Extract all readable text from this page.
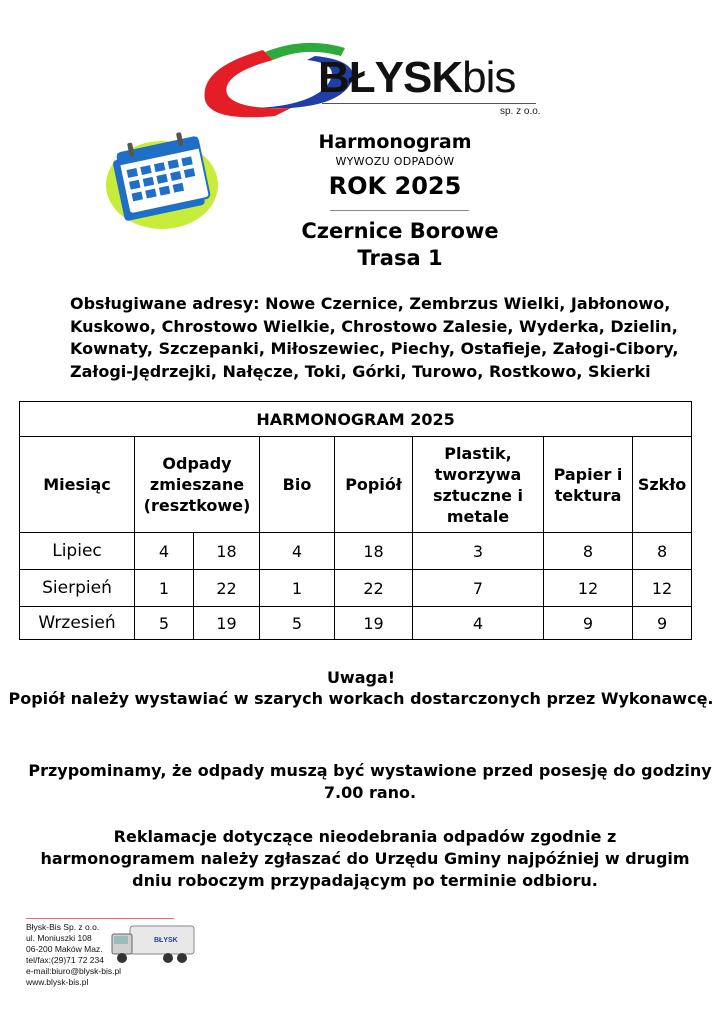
BŁYSKbis
sp. z o.o.
Harmonogram
WYWOZU ODPADÓW
ROK 2025
Czernice Borowe
Trasa 1
Obsługiwane adresy: Nowe Czernice, Zembrzus Wielki, Jabłonowo, Kuskowo, Chrostowo Wielkie, Chrostowo Zalesie, Wyderka, Dzielin, Kownaty, Szczepanki, Miłoszewiec, Piechy, Ostafieje, Załogi-Cibory, Załogi-Jędrzejki, Nałęcze, Toki, Górki, Turowo, Rostkowo, Skierki
HARMONOGRAM 2025							
Miesiąc	Odpady zmieszane (resztkowe)		Bio	Popiół	Plastik, tworzywa sztuczne i metale	Papier i tektura	Szkło
Lipiec	4	18	4	18	3	8	8
Sierpień	1	22	1	22	7	12	12
Wrzesień	5	19	5	19	4	9	9
Uwaga!
Popiół należy wystawiać w szarych workach dostarczonych przez Wykonawcę.
Przypominamy, że odpady muszą być wystawione przed posesję do godziny 7.00 rano.
Reklamacje dotyczące nieodebrania odpadów zgodnie z harmonogramem należy zgłaszać do Urzędu Gminy najpóźniej w drugim dniu roboczym przypadającym po terminie odbioru.
Błysk-Bis Sp. z o.o.
ul. Moniuszki 108
06-200 Maków Maz.
tel/fax:(29)71 72 234
e-mail:biuro@blysk-bis.pl
www.blysk-bis.pl
BŁYSK
